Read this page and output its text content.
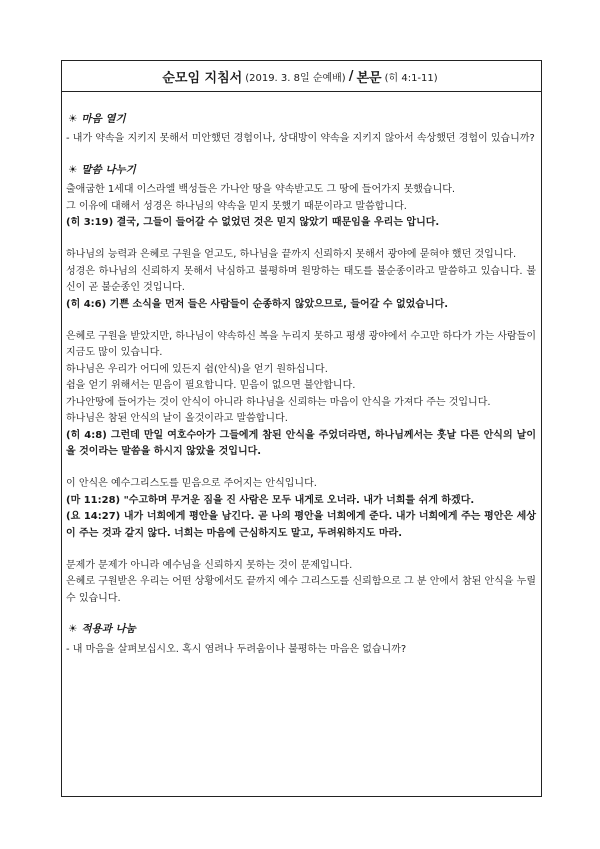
순모임 지침서 (2019. 3. 8일 순예배) / 본문 (히 4:1-11)
☀ 마음 열기

- 내가 약속을 지키지 못해서 미안했던 경험이나, 상대방이 약속을 지키지 않아서 속상했던 경험이 있습니까?

☀ 말씀 나누기

출애굽한 1세대 이스라엘 백성들은 가나안 땅을 약속받고도 그 땅에 들어가지 못했습니다.

그 이유에 대해서 성경은 하나님의 약속을 믿지 못했기 때문이라고 말씀합니다.

(히 3:19) 결국, 그들이 들어갈 수 없었던 것은 믿지 않았기 때문임을 우리는 압니다.

하나님의 능력과 은혜로 구원을 얻고도, 하나님을 끝까지 신뢰하지 못해서 광야에 묻혀야 했던 것입니다.

성경은 하나님의 신뢰하지 못해서 낙심하고 불평하며 원망하는 태도를 불순종이라고 말씀하고 있습니다. 불신이 곧 불순종인 것입니다.

(히 4:6) 기쁜 소식을 먼저 들은 사람들이 순종하지 않았으므로, 들어갈 수 없었습니다.

은혜로 구원을 받았지만, 하나님이 약속하신 복을 누리지 못하고 평생 광야에서 수고만 하다가 가는 사람들이 지금도 많이 있습니다.

하나님은 우리가 어디에 있든지 쉼(안식)을 얻기 원하십니다.

쉼을 얻기 위해서는 믿음이 필요합니다. 믿음이 없으면 불안합니다.

가나안땅에 들어가는 것이 안식이 아니라 하나님을 신뢰하는 마음이 안식을 가져다 주는 것입니다.

하나님은 참된 안식의 날이 올것이라고 말씀합니다.

(히 4:8) 그런데 만일 여호수아가 그들에게 참된 안식을 주었더라면, 하나님께서는 훗날 다른 안식의 날이 올 것이라는 말씀을 하시지 않았을 것입니다.

이 안식은 예수그리스도를 믿음으로 주어지는 안식입니다.

(마 11:28) "수고하며 무거운 짐을 진 사람은 모두 내게로 오너라. 내가 너희를 쉬게 하겠다.

(요 14:27) 내가 너희에게 평안을 남긴다. 곧 나의 평안을 너희에게 준다. 내가 너희에게 주는 평안은 세상이 주는 것과 같지 않다. 너희는 마음에 근심하지도 말고, 두려워하지도 마라.

문제가 문제가 아니라 예수님을 신뢰하지 못하는 것이 문제입니다.

은혜로 구원받은 우리는 어떤 상황에서도 끝까지 예수 그리스도를 신뢰함으로 그 분 안에서 참된 안식을 누릴 수 있습니다.

☀ 적용과 나눔

- 내 마음을 살펴보십시오. 혹시 염려나 두려움이나 불평하는 마음은 없습니까?
